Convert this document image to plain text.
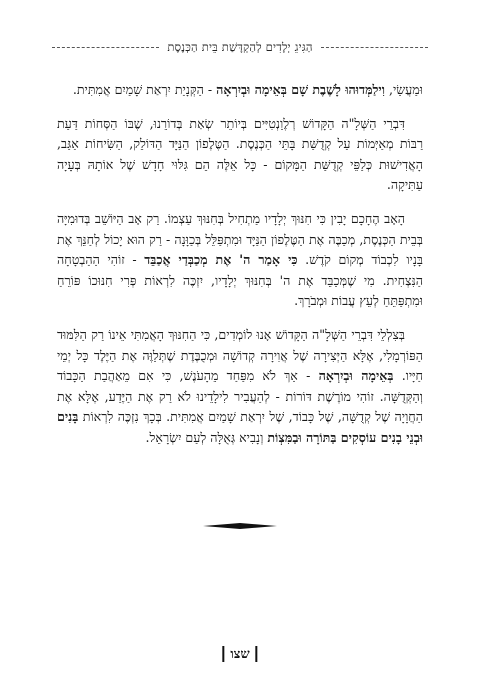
הַגִּיגֵ יְלָדִים לְהַקְדָּשַׁת בֵּית הַכְּנֶסֶת

וּמַעֲשַׂי, וִילַמְּדוּהוּ לָשֶׁבֶת שָׁם בְּאֵימָה וּבְיִרְאָה - הַקְּנָיַת יִרְאַת שָׁמַיִם אֲמִתִּית.

דִּבְרֵי הַשְּׁלָ"ה הַקָּדוֹשׁ רְלֶוַנְטִיִּים בְּיוֹתֵר שְׂאַת בְּדוֹרֵנוּ, שֶׁבּוֹ הַסְּחוֹת דַּעַת רַבּוֹת מְאַיְּמוֹת עַל קְדֻשַּׁת בָּתֵּי הַכְּנֶסֶת. הַטֶּלֶפוֹן הַנַּיָּד הַדּוֹלֵק, הַשִּׂיחוֹת אַגַּב, הָאֲדִישׁוּת כְּלַפֵּי קְדֻשַּׁת הַמָּקוֹם - כָּל אֵלֶּה הֵם גִּלּוּי חָדָשׁ שֶׁל אוֹתָהּ בְּעָיָה עַתִּיקָה.

הָאָב הֶחָכָם יָבִין כִּי חִנּוּךְ יְלָדָיו מַתְחִיל בְּחִנּוּךְ עַצְמוֹ. רַק אָב הַיּוֹשֵׁב בְּדוּמִיָּה בְּבֵית הַכְּנֶסֶת, מְכַבֶּה אֶת הַטֶּלֶפוֹן הַנַּיָּד וּמִתְפַּלֵּל בְּכַוָּנָה - רַק הוּא יָכוֹל לְחַנֵּךְ אֶת בָּנָיו לִכְבוֹד מְקוֹם קֹדֶשׁ. כִּי אָמַר ה' אֶת מְכַבְּדַי אֲכַבֵּד - זוֹהִי הַהַבְטָחָה הַנִּצְחִית. מִי שֶׁמְּכַבֵּד אֶת ה' בְּחִנּוּךְ יְלָדָיו, יִזְכֶּה לִרְאוֹת פְּרִי חִנּוּכוֹ פּוֹרֵחַ וּמִתְפַּתֵּחַ לְעֵץ עֲבוֹת וּמְבֹרָךְ.

בְּצִלְלֵי דִּבְרֵי הַשְּׁלָ"ה הַקָּדוֹשׁ אָנוּ לוֹמְדִים, כִּי הַחִנּוּךְ הָאֲמִתִּי אֵינוֹ רַק הַלִּמּוּד הַפּוֹרְמָלִי, אֶלָּא הַיְּצִירָה שֶׁל אֲוִירָה קְדוֹשָׁה וּמְכֻבֶּדֶת שֶׁתְּלַוֶּה אֶת הַיֶּלֶד כָּל יְמֵי חַיָּיו. בְּאֵימָה וּבְיִרְאָה - אַךְ לֹא מִפַּחַד מֵהָעֹנֶשׁ, כִּי אִם מֵאַהֲבַת הַכָּבוֹד וְהַקְּדֻשָּׁה. זוֹהִי מוֹרֶשֶׁת דּוֹרוֹת - לְהַעֲבִיר לִילָדֵינוּ לֹא רַק אֶת הַיֶּדַע, אֶלָּא אֶת הַחֲוָיָה שֶׁל קְדֻשָּׁה, שֶׁל כָּבוֹד, שֶׁל יִרְאַת שָׁמַיִם אֲמִתִּית. בְּכָךְ נִזְכֶּה לִרְאוֹת בָּנִים וּבְנֵי בָנִים עוֹסְקִים בַּתּוֹרָה וּבַמִּצְוֹת וְנָבִיא גְּאֻלָּה לְעַם יִשְׂרָאֵל.

שצו
